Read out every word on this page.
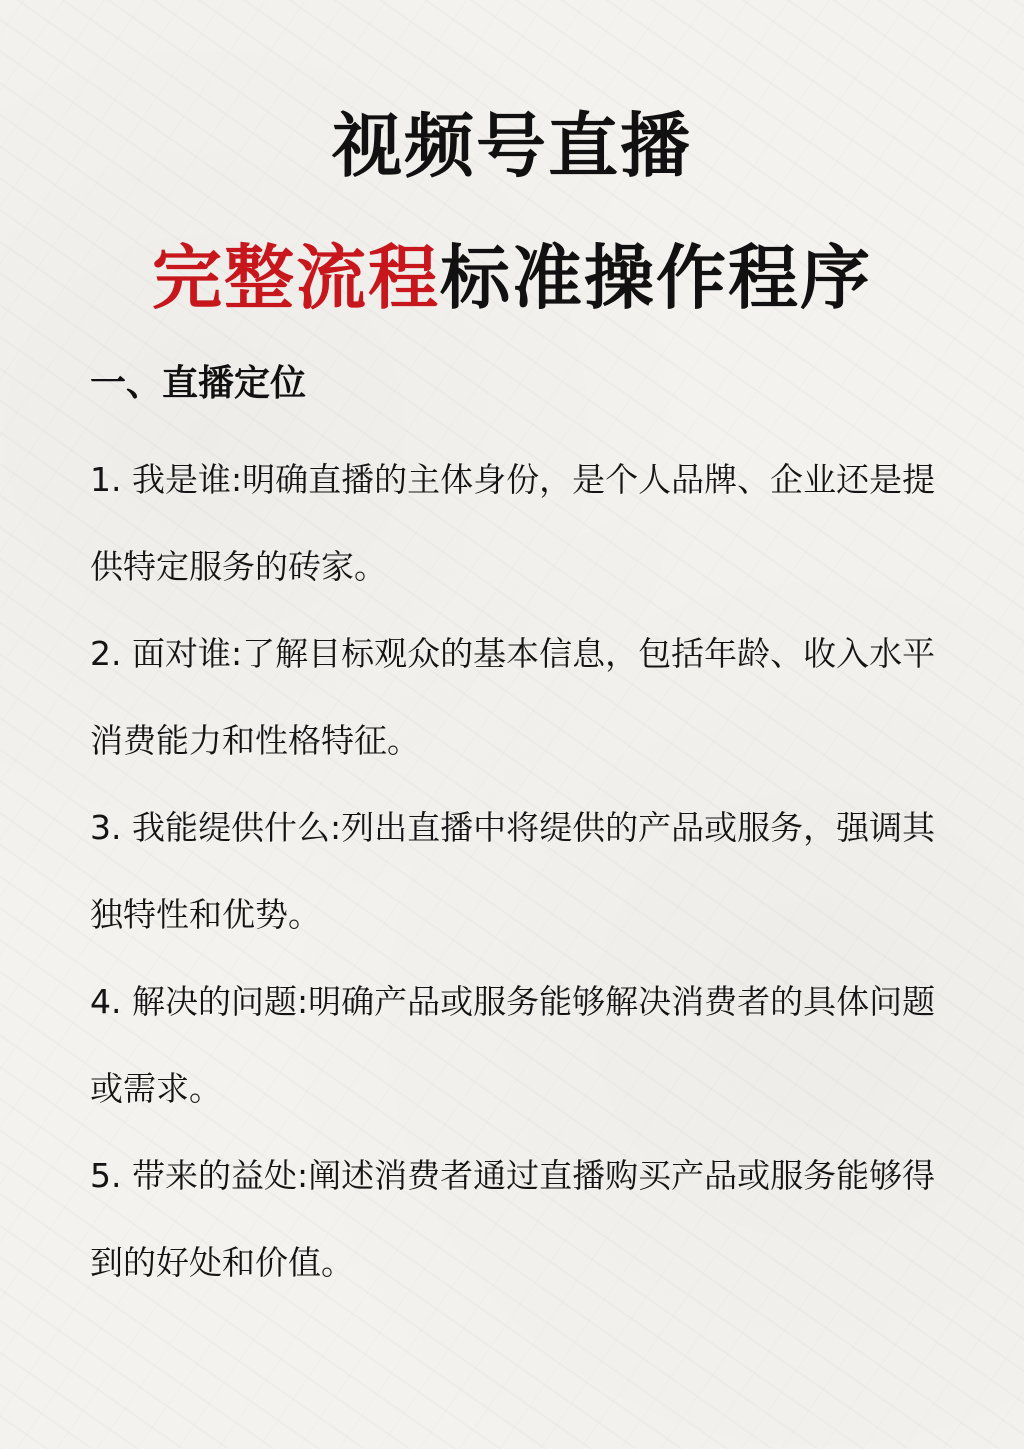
视频号直播
完整流程标准操作程序
一、直播定位

1. 我是谁:明确直播的主体身份，是个人品牌、企业还是提供特定服务的砖家。

2. 面对谁:了解目标观众的基本信息，包括年龄、收入水平消费能力和性格特征。

3. 我能缇供什么:列出直播中将缇供的产品或服务，强调其独特性和优势。

4. 解决的问题:明确产品或服务能够解决消费者的具体问题或需求。

5. 带来的益处:阐述消费者通过直播购买产品或服务能够得到的好处和价值。
